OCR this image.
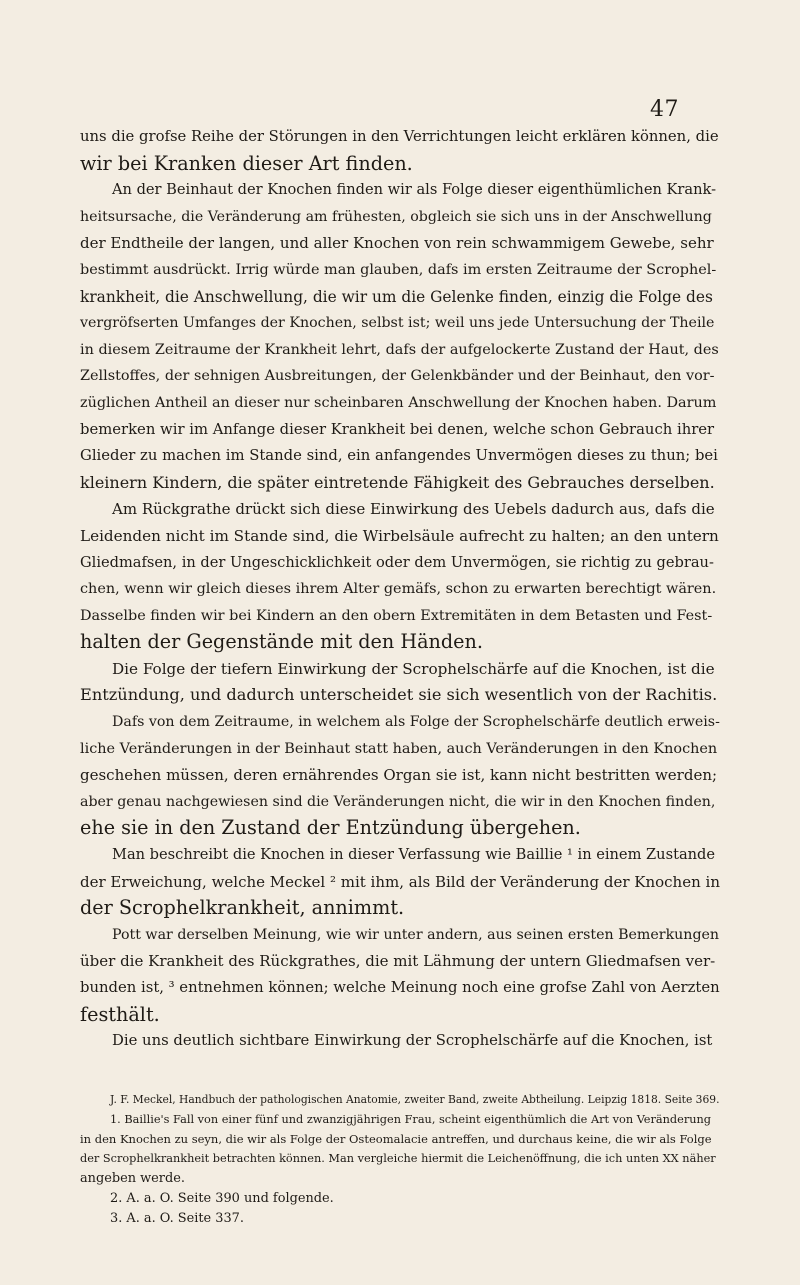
47
uns die grofse Reihe der Störungen in den Verrichtungen leicht erklären können, die
wir bei Kranken dieser Art finden.
An der Beinhaut der Knochen finden wir als Folge dieser eigenthümlichen Krank-
heitsursache, die Veränderung am frühesten, obgleich sie sich uns in der Anschwellung
der Endtheile der langen, und aller Knochen von rein schwammigem Gewebe, sehr
bestimmt ausdrückt. Irrig würde man glauben, dafs im ersten Zeitraume der Scrophel-
krankheit, die Anschwellung, die wir um die Gelenke finden, einzig die Folge des
vergröfserten Umfanges der Knochen, selbst ist; weil uns jede Untersuchung der Theile
in diesem Zeitraume der Krankheit lehrt, dafs der aufgelockerte Zustand der Haut, des
Zellstoffes, der sehnigen Ausbreitungen, der Gelenkbänder und der Beinhaut, den vor-
züglichen Antheil an dieser nur scheinbaren Anschwellung der Knochen haben. Darum
bemerken wir im Anfange dieser Krankheit bei denen, welche schon Gebrauch ihrer
Glieder zu machen im Stande sind, ein anfangendes Unvermögen dieses zu thun; bei
kleinern Kindern, die später eintretende Fähigkeit des Gebrauches derselben.
Am Rückgrathe drückt sich diese Einwirkung des Uebels dadurch aus, dafs die
Leidenden nicht im Stande sind, die Wirbelsäule aufrecht zu halten; an den untern
Gliedmafsen, in der Ungeschicklichkeit oder dem Unvermögen, sie richtig zu gebrau-
chen, wenn wir gleich dieses ihrem Alter gemäfs, schon zu erwarten berechtigt wären.
Dasselbe finden wir bei Kindern an den obern Extremitäten in dem Betasten und Fest-
halten der Gegenstände mit den Händen.
Die Folge der tiefern Einwirkung der Scrophelschärfe auf die Knochen, ist die
Entzündung, und dadurch unterscheidet sie sich wesentlich von der Rachitis.
Dafs von dem Zeitraume, in welchem als Folge der Scrophelschärfe deutlich erweis-
liche Veränderungen in der Beinhaut statt haben, auch Veränderungen in den Knochen
geschehen müssen, deren ernährendes Organ sie ist, kann nicht bestritten werden;
aber genau nachgewiesen sind die Veränderungen nicht, die wir in den Knochen finden,
ehe sie in den Zustand der Entzündung übergehen.
Man beschreibt die Knochen in dieser Verfassung wie Baillie ¹ in einem Zustande
der Erweichung, welche Meckel ² mit ihm, als Bild der Veränderung der Knochen in
der Scrophelkrankheit, annimmt.
Pott war derselben Meinung, wie wir unter andern, aus seinen ersten Bemerkungen
über die Krankheit des Rückgrathes, die mit Lähmung der untern Gliedmafsen ver-
bunden ist, ³ entnehmen können; welche Meinung noch eine grofse Zahl von Aerzten
festhält.
Die uns deutlich sichtbare Einwirkung der Scrophelschärfe auf die Knochen, ist
J. F. Meckel, Handbuch der pathologischen Anatomie, zweiter Band, zweite Abtheilung. Leipzig 1818. Seite 369.
1. Baillie's Fall von einer fünf und zwanzigjährigen Frau, scheint eigenthümlich die Art von Veränderung
in den Knochen zu seyn, die wir als Folge der Osteomalacie antreffen, und durchaus keine, die wir als Folge
der Scrophelkrankheit betrachten können. Man vergleiche hiermit die Leichenöffnung, die ich unten XX näher
angeben werde.
2. A. a. O. Seite 390 und folgende.
3. A. a. O. Seite 337.
